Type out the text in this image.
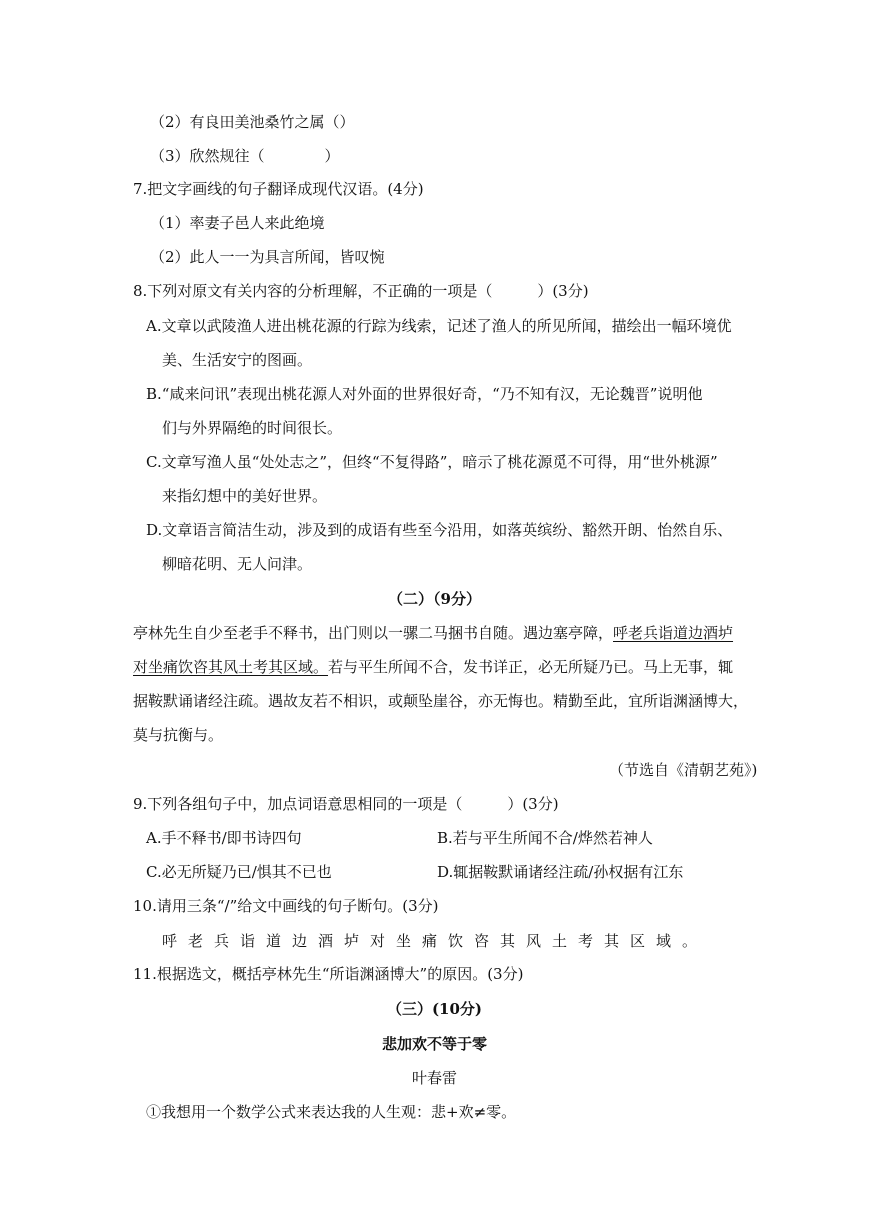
（2）有良田美池桑竹之属（）
（3）欣然规往（　　　　）
7.把文字画线的句子翻译成现代汉语。(4分)
（1）率妻子邑人来此绝境
（2）此人一一为具言所闻，皆叹惋
8.下列对原文有关内容的分析理解，不正确的一项是（　　　）(3分)
A.文章以武陵渔人进出桃花源的行踪为线索，记述了渔人的所见所闻，描绘出一幅环境优
美、生活安宁的图画。
B.“咸来问讯”表现出桃花源人对外面的世界很好奇，“乃不知有汉，无论魏晋”说明他
们与外界隔绝的时间很长。
C.文章写渔人虽“处处志之”，但终“不复得路”，暗示了桃花源觅不可得，用“世外桃源”
来指幻想中的美好世界。
D.文章语言简洁生动，涉及到的成语有些至今沿用，如落英缤纷、豁然开朗、怡然自乐、
柳暗花明、无人问津。
（二）（9分）
亭林先生自少至老手不释书，出门则以一骡二马捆书自随。遇边塞亭障，呼老兵诣道边酒垆
对坐痛饮咨其风土考其区域。若与平生所闻不合，发书详正，必无所疑乃已。马上无事，辄
据鞍默诵诸经注疏。遇故友若不相识，或颠坠崖谷，亦无悔也。精勤至此，宜所诣渊涵博大，
莫与抗衡与。
（节选自《清朝艺苑》)
9.下列各组句子中，加点词语意思相同的一项是（　　　）(3分)
A.手不释书/即书诗四句	B.若与平生所闻不合/烨然若神人
C.必无所疑乃已/惧其不已也	D.辄据鞍默诵诸经注疏/孙权据有江东
10.请用三条“/”给文中画线的句子断句。(3分)
呼老兵诣道边酒垆对坐痛饮咨其风土考其区域。
11.根据选文，概括亭林先生“所诣渊涵博大”的原因。(3分)
（三）(10分)
悲加欢不等于零
叶春雷
①我想用一个数学公式来表达我的人生观：悲+欢≠零。
